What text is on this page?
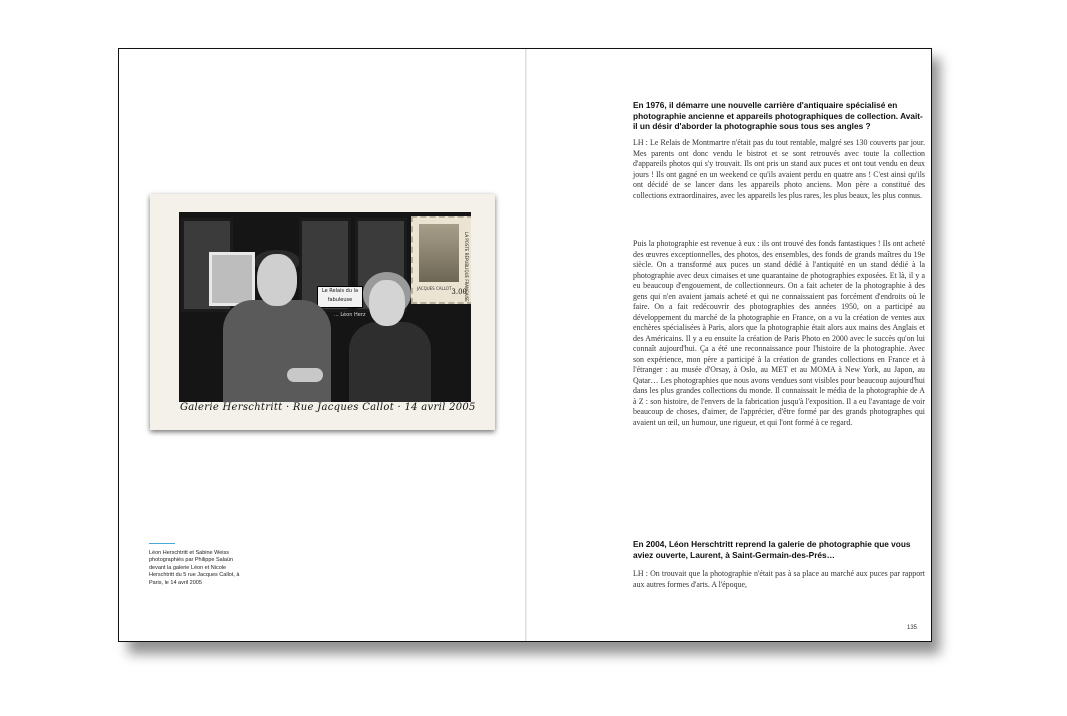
Le Relais du la fabuleuse
... Léon Herz
JACQUES CALLOT	LA POSTE RÉPUBLIQUE FRANÇAISE
3.00
Galerie Herschtritt · Rue Jacques Callot · 14 avril 2005
Léon Herschtritt et Sabine Weiss photographiés par Philippe Salaün devant la galerie Léon et Nicole Herschtritt du 5 rue Jacques Callot, à Paris, le 14 avril 2005
En 1976, il démarre une nouvelle carrière d'antiquaire spécialisé en photographie ancienne et appareils photographiques de collection. Avait-il un désir d'aborder la photographie sous tous ses angles ?
LH : Le Relais de Montmartre n'était pas du tout rentable, malgré ses 130 couverts par jour. Mes parents ont donc vendu le bistrot et se sont retrouvés avec toute la collection d'appareils photos qui s'y trouvait. Ils ont pris un stand aux puces et ont tout vendu en deux jours ! Ils ont gagné en un weekend ce qu'ils avaient perdu en quatre ans ! C'est ainsi qu'ils ont décidé de se lancer dans les appareils photo anciens. Mon père a constitué des collections extraordinaires, avec les appareils les plus rares, les plus beaux, les plus connus.
Puis la photographie est revenue à eux : ils ont trouvé des fonds fantastiques ! Ils ont acheté des œuvres exceptionnelles, des photos, des ensembles, des fonds de grands maîtres du 19e siècle. On a transformé aux puces un stand dédié à l'antiquité en un stand dédié à la photographie avec deux cimaises et une quarantaine de photographies exposées. Et là, il y a eu beaucoup d'engouement, de collectionneurs. On a fait acheter de la photographie à des gens qui n'en avaient jamais acheté et qui ne connaissaient pas forcément d'endroits où le faire. On a fait redécouvrir des photographies des années 1950, on a participé au développement du marché de la photographie en France, on a vu la création de ventes aux enchères spécialisées à Paris, alors que la photographie était alors aux mains des Anglais et des Américains. Il y a eu ensuite la création de Paris Photo en 2000 avec le succès qu'on lui connaît aujourd'hui. Ça a été une reconnaissance pour l'histoire de la photographie. Avec son expérience, mon père a participé à la création de grandes collections en France et à l'étranger : au musée d'Orsay, à Oslo, au MET et au MOMA à New York, au Japon, au Qatar… Les photographies que nous avons vendues sont visibles pour beaucoup aujourd'hui dans les plus grandes collections du monde. Il connaissait le média de la photographie de A à Z : son histoire, de l'envers de la fabrication jusqu'à l'exposition. Il a eu l'avantage de voir beaucoup de choses, d'aimer, de l'apprécier, d'être formé par des grands photographes qui avaient un œil, un humour, une rigueur, et qui l'ont formé à ce regard.
En 2004, Léon Herschtritt reprend la galerie de photographie que vous aviez ouverte, Laurent, à Saint-Germain-des-Prés…
LH : On trouvait que la photographie n'était pas à sa place au marché aux puces par rapport aux autres formes d'arts. A l'époque,
135
